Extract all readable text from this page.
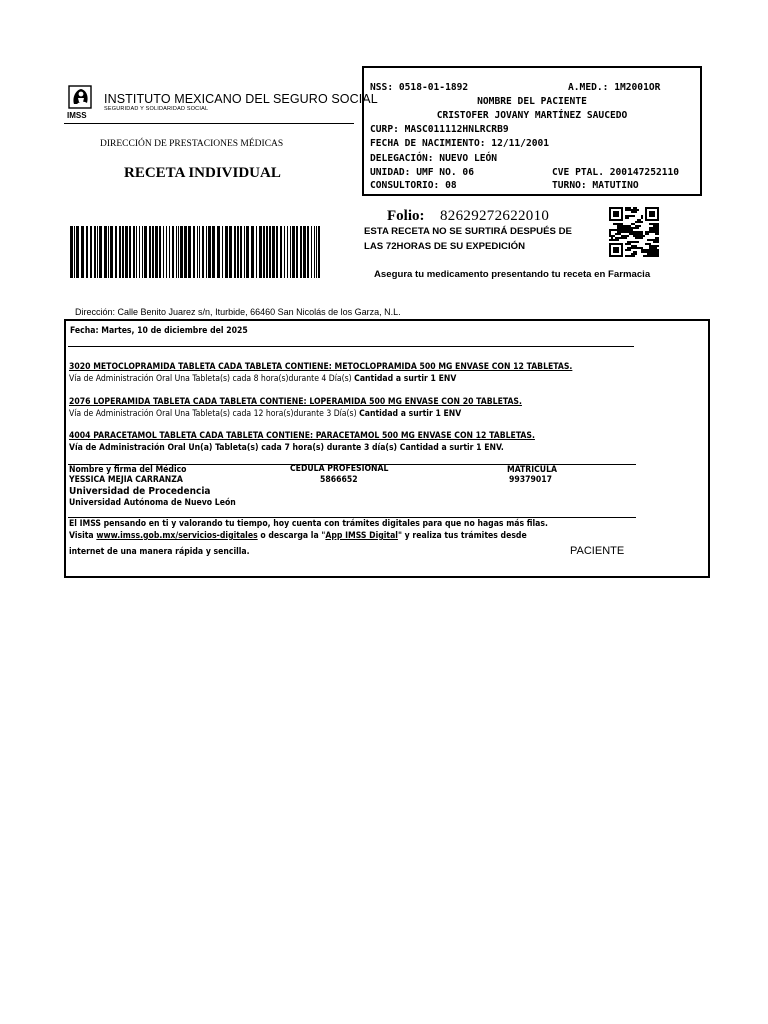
IMSS
INSTITUTO MEXICANO DEL SEGURO SOCIAL
SEGURIDAD Y SOLIDARIDAD SOCIAL
DIRECCIÓN DE PRESTACIONES MÉDICAS
RECETA INDIVIDUAL
NSS: 0518-01-1892	A.MED.: 1M2001OR
NOMBRE DEL PACIENTE
CRISTOFER JOVANY MARTÍNEZ SAUCEDO
CURP: MASC011112HNLRCRB9
FECHA DE NACIMIENTO: 12/11/2001
DELEGACIÓN: NUEVO LEÓN
UNIDAD: UMF NO. 06	CVE PTAL. 200147252110
CONSULTORIO: 08	TURNO: MATUTINO
Folio: 82629272622010
ESTA RECETA NO SE SURTIRÁ DESPUÉS DE
LAS 72HORAS DE SU EXPEDICIÓN
Asegura tu medicamento presentando tu receta en Farmacia
Dirección: Calle Benito Juarez s/n, Iturbide, 66460 San Nicolás de los Garza, N.L.
Fecha: Martes, 10 de diciembre del 2025
3020 METOCLOPRAMIDA TABLETA CADA TABLETA CONTIENE: METOCLOPRAMIDA 500 MG ENVASE CON 12 TABLETAS.
Vía de Administración Oral Una Tableta(s) cada 8 hora(s)durante 4 Día(s) Cantidad a surtir 1 ENV
2076 LOPERAMIDA TABLETA CADA TABLETA CONTIENE: LOPERAMIDA 500 MG ENVASE CON 20 TABLETAS.
Vía de Administración Oral Una Tableta(s) cada 12 hora(s)durante 3 Día(s) Cantidad a surtir 1 ENV
4004 PARACETAMOL TABLETA CADA TABLETA CONTIENE: PARACETAMOL 500 MG ENVASE CON 12 TABLETAS.
Vía de Administración Oral Un(a) Tableta(s) cada 7 hora(s) durante 3 día(s) Cantidad a surtir 1 ENV.
Nombre y firma del Médico
YESSICA MEJIA CARRANZA
CEDULA PROFESIONAL
5866652
MATRICULA
99379017
Universidad de Procedencia
Universidad Autónoma de Nuevo León
El IMSS pensando en ti y valorando tu tiempo, hoy cuenta con trámites digitales para que no hagas más filas.
Visita www.imss.gob.mx/servicios-digitales o descarga la "App IMSS Digital" y realiza tus trámites desde
internet de una manera rápida y sencilla.	PACIENTE
